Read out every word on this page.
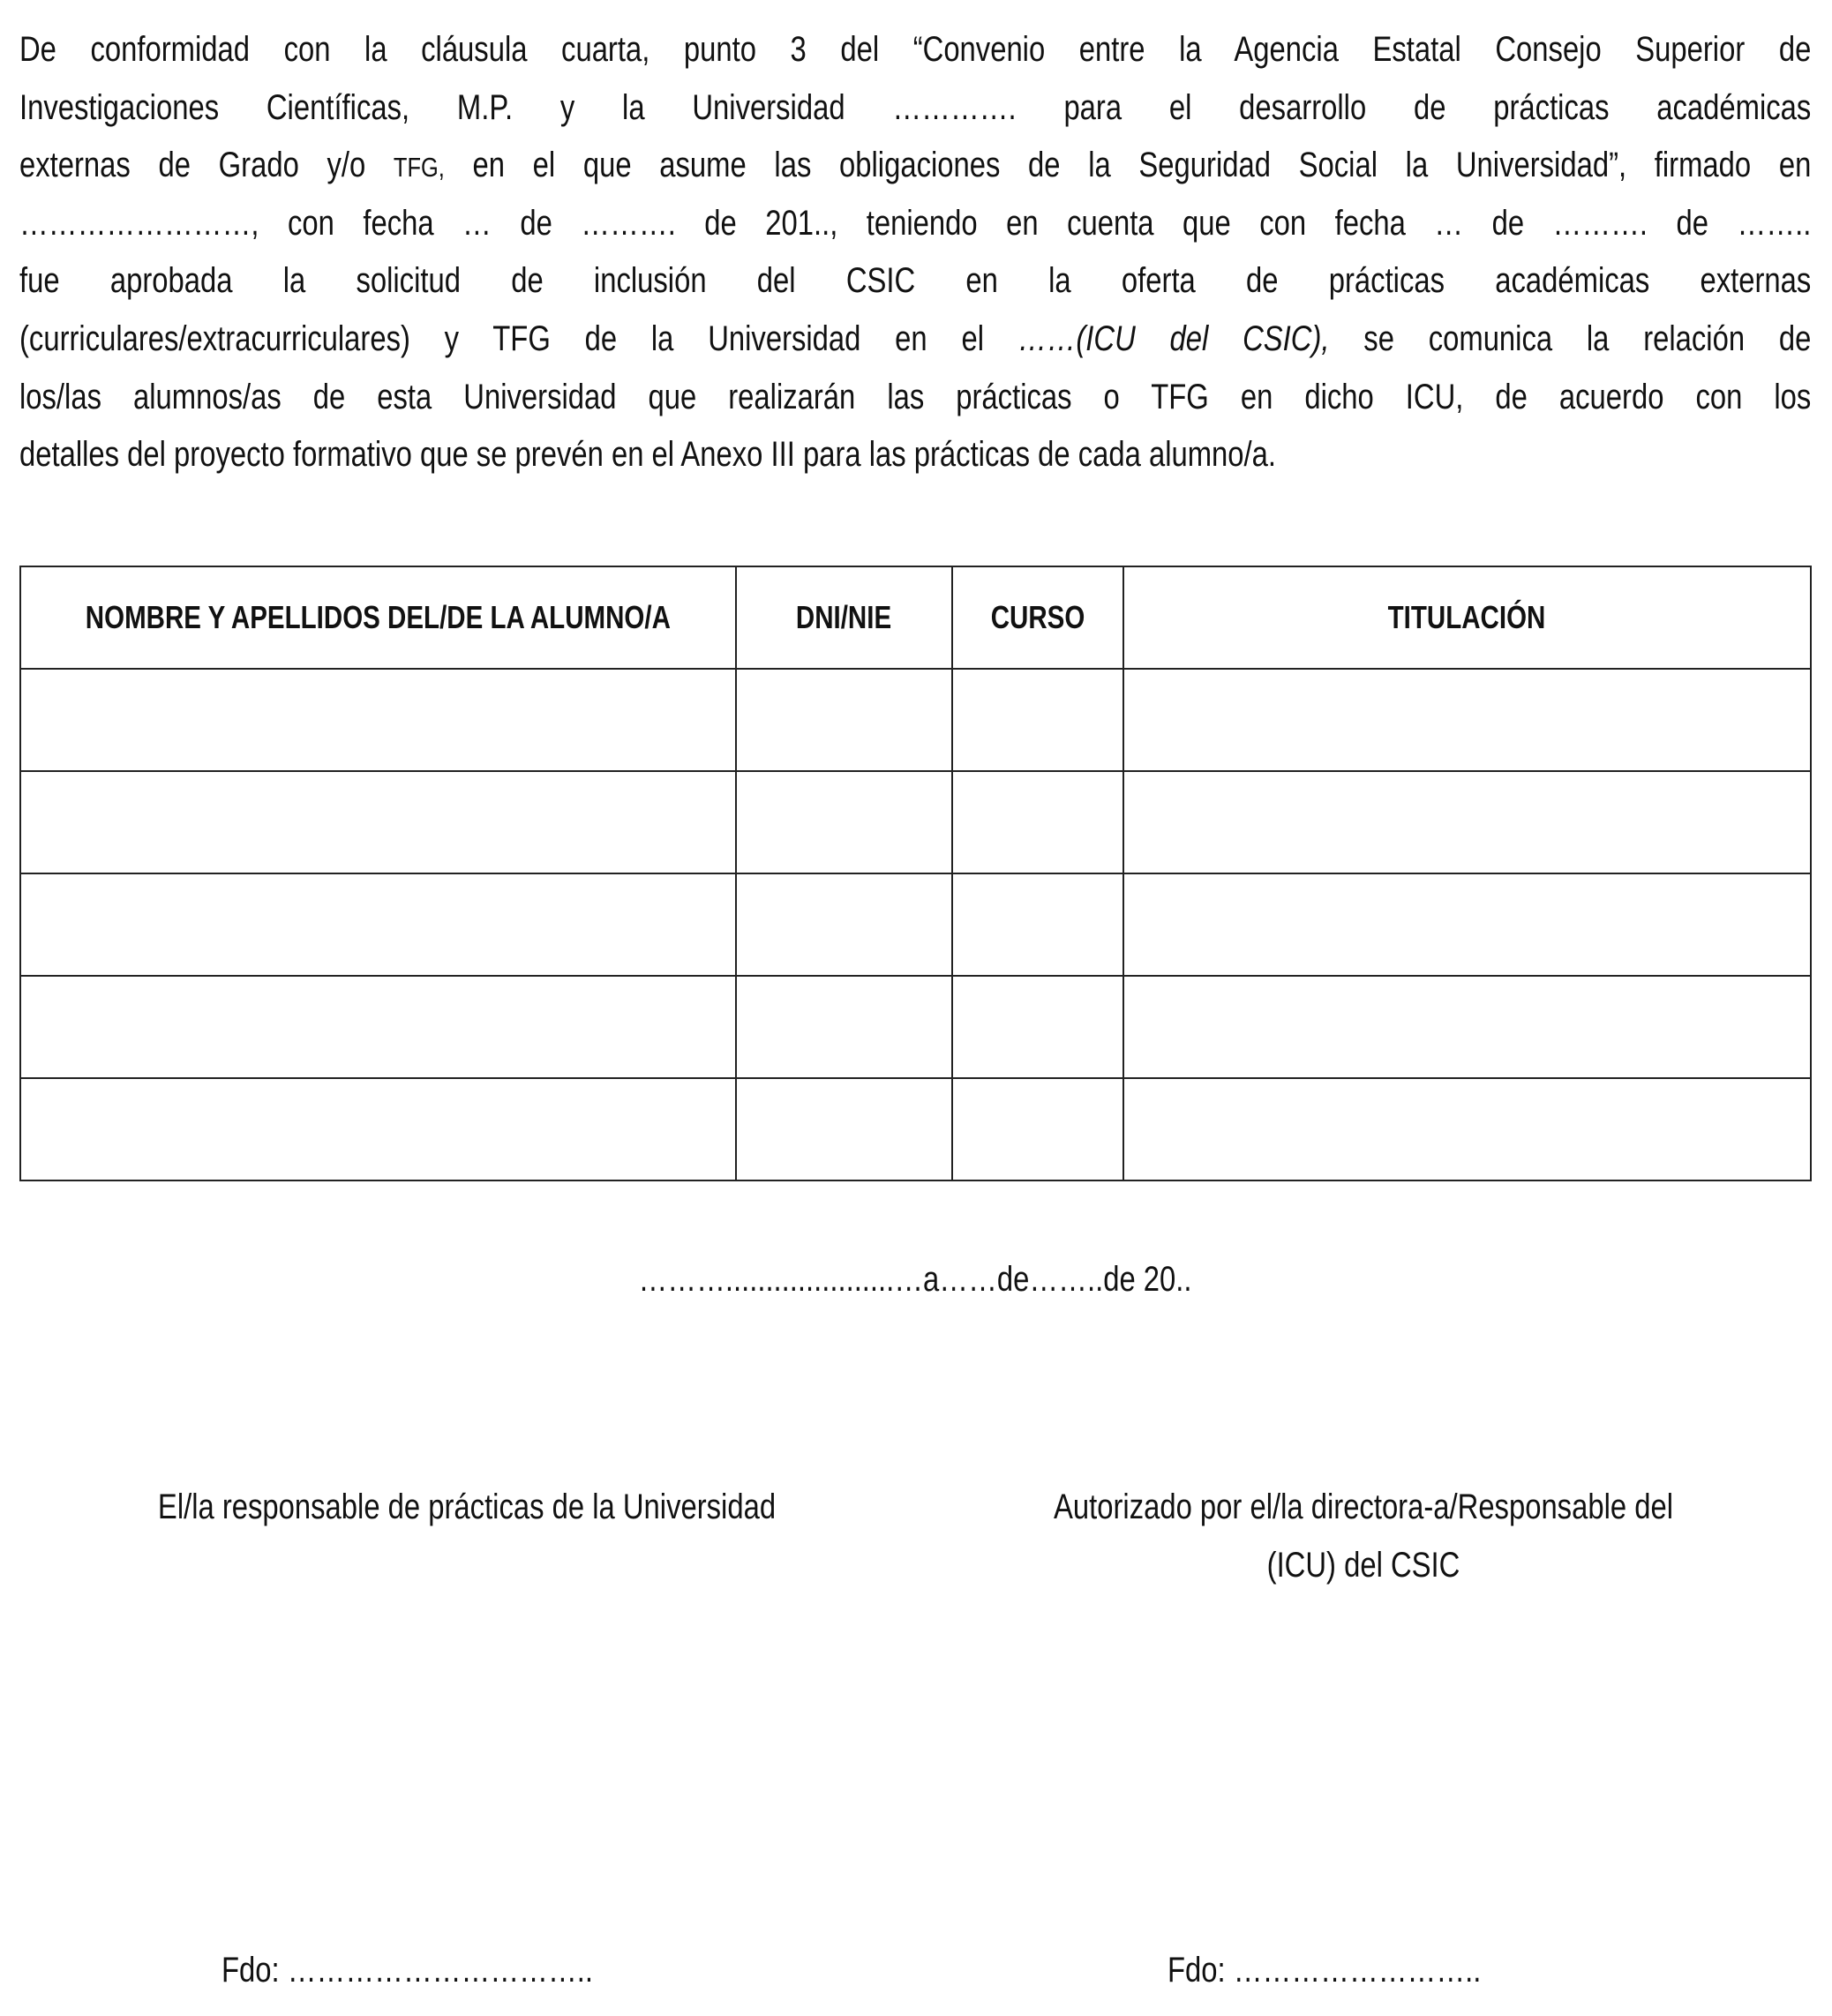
De conformidad con la cláusula cuarta, punto 3 del “Convenio entre la Agencia Estatal Consejo Superior de
Investigaciones Científicas, M.P. y la Universidad …………. para el desarrollo de prácticas académicas
externas de Grado y/o TFG, en el que asume las obligaciones de la Seguridad Social la Universidad”, firmado en
……………………, con fecha … de ………. de 201.., teniendo en cuenta que con fecha … de ………. de ……..
fue aprobada la solicitud de inclusión del CSIC en la oferta de prácticas académicas externas
(curriculares/extracurriculares) y TFG de la Universidad en el ……(ICU del CSIC), se comunica la relación de
los/las alumnos/as de esta Universidad que realizarán las prácticas o TFG en dicho ICU, de acuerdo con los
detalles del proyecto formativo que se prevén en el Anexo III para las prácticas de cada alumno/a.
NOMBRE Y APELLIDOS DEL/DE LA ALUMNO/A	DNI/NIE	CURSO	TITULACIÓN

……….....................…a……de……..de 20..
El/la responsable de prácticas de la Universidad	Autorizado por el/la directora-a/Responsable del
(ICU) del CSIC
Fdo: …………………………..	Fdo: ……………………..
